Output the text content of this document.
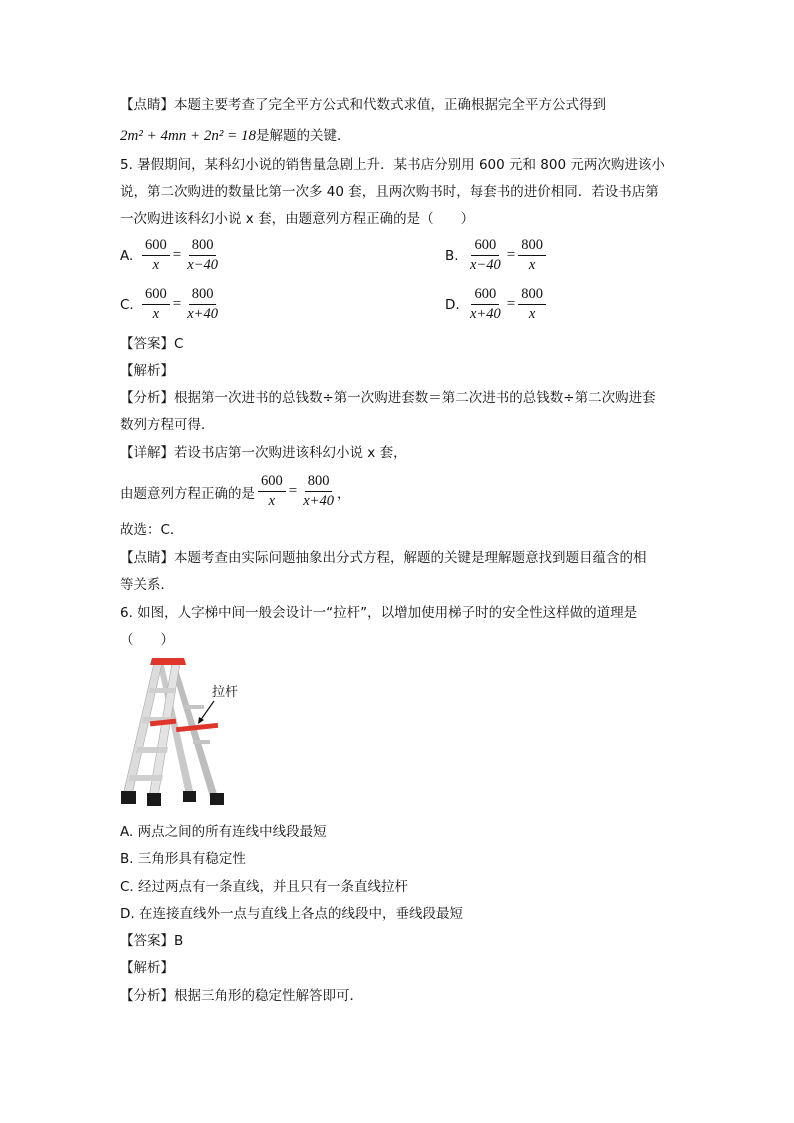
【点睛】本题主要考查了完全平方公式和代数式求值，正确根据完全平方公式得到
2m² + 4mn + 2n² = 18是解题的关键．
5. 暑假期间，某科幻小说的销售量急剧上升．某书店分别用 600 元和 800 元两次购进该小
说，第二次购进的数量比第一次多 40 套，且两次购书时，每套书的进价相同．若设书店第
一次购进该科幻小说 x 套，由题意列方程正确的是（　　）
A. $\frac{600}{x} = \frac{800}{x-40}$	B. $\frac{600}{x-40} = \frac{800}{x}$
C. $\frac{600}{x} = \frac{800}{x+40}$	D. $\frac{600}{x+40} = \frac{800}{x}$
【答案】C
【解析】
【分析】根据第一次进书的总钱数÷第一次购进套数＝第二次进书的总钱数÷第二次购进套
数列方程可得．
【详解】若设书店第一次购进该科幻小说 x 套，
由题意列方程正确的是 $\frac{600}{x} = \frac{800}{x+40}$ ，
故选：C．
【点睛】本题考查由实际问题抽象出分式方程，解题的关键是理解题意找到题目蕴含的相
等关系．
6. 如图，人字梯中间一般会设计一“拉杆”，以增加使用梯子时的安全性这样做的道理是
（　　）
拉杆
A. 两点之间的所有连线中线段最短
B. 三角形具有稳定性
C. 经过两点有一条直线，并且只有一条直线拉杆
D. 在连接直线外一点与直线上各点的线段中，垂线段最短
【答案】B
【解析】
【分析】根据三角形的稳定性解答即可．
